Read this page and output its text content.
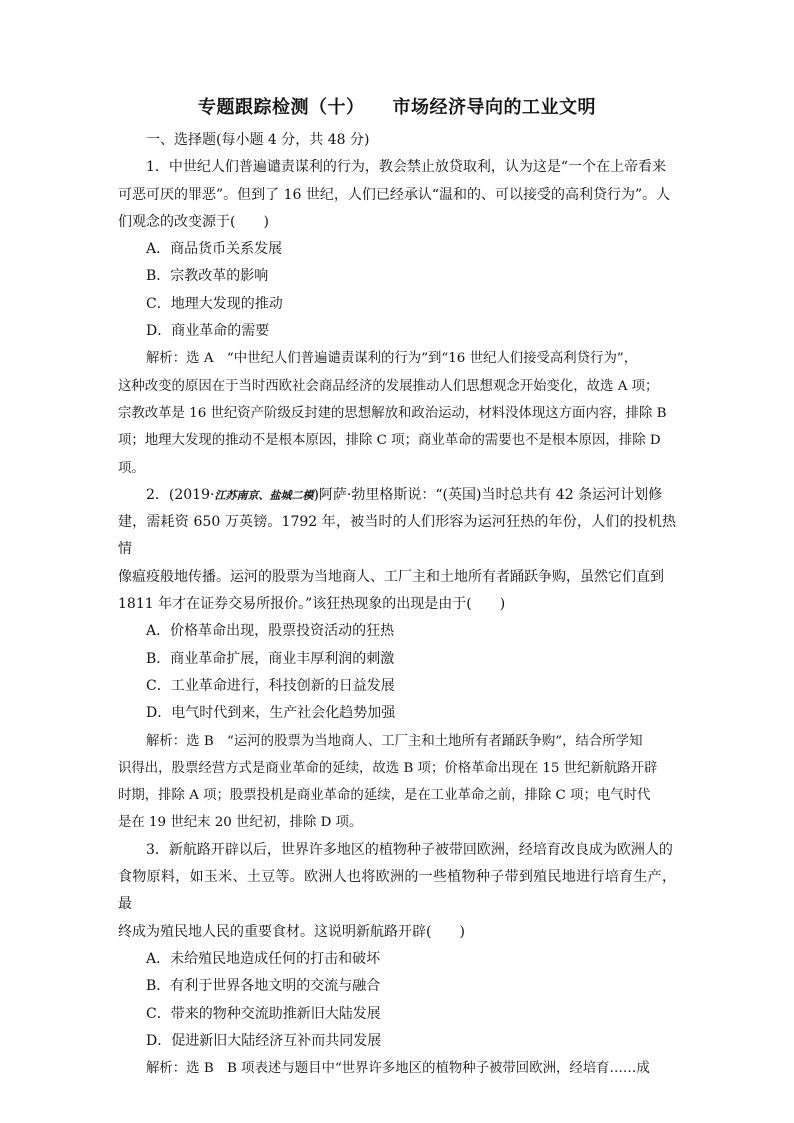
专题跟踪检测（十） 市场经济导向的工业文明
一、选择题(每小题 4 分，共 48 分)
1．中世纪人们普遍谴责谋利的行为，教会禁止放贷取利，认为这是“一个在上帝看来
可恶可厌的罪恶”。但到了 16 世纪，人们已经承认“温和的、可以接受的高利贷行为”。人
们观念的改变源于(　　)
A．商品货币关系发展
B．宗教改革的影响
C．地理大发现的推动
D．商业革命的需要
解析：选 A　“中世纪人们普遍谴责谋利的行为”到“16 世纪人们接受高利贷行为”，
这种改变的原因在于当时西欧社会商品经济的发展推动人们思想观念开始变化，故选 A 项；
宗教改革是 16 世纪资产阶级反封建的思想解放和政治运动，材料没体现这方面内容，排除 B
项；地理大发现的推动不是根本原因，排除 C 项；商业革命的需要也不是根本原因，排除 D
项。
2．(2019·江苏南京、盐城二模)阿萨·勃里格斯说：“(英国)当时总共有 42 条运河计划修
建，需耗资 650 万英镑。1792 年，被当时的人们形容为运河狂热的年份，人们的投机热情
像瘟疫般地传播。运河的股票为当地商人、工厂主和土地所有者踊跃争购，虽然它们直到
1811 年才在证券交易所报价。”该狂热现象的出现是由于(　　)
A．价格革命出现，股票投资活动的狂热
B．商业革命扩展，商业丰厚利润的刺激
C．工业革命进行，科技创新的日益发展
D．电气时代到来，生产社会化趋势加强
解析：选 B　“运河的股票为当地商人、工厂主和土地所有者踊跃争购”，结合所学知
识得出，股票经营方式是商业革命的延续，故选 B 项；价格革命出现在 15 世纪新航路开辟
时期，排除 A 项；股票投机是商业革命的延续，是在工业革命之前，排除 C 项；电气时代
是在 19 世纪末 20 世纪初，排除 D 项。
3．新航路开辟以后，世界许多地区的植物种子被带回欧洲，经培育改良成为欧洲人的
食物原料，如玉米、土豆等。欧洲人也将欧洲的一些植物种子带到殖民地进行培育生产，最
终成为殖民地人民的重要食材。这说明新航路开辟(　　)
A．未给殖民地造成任何的打击和破坏
B．有利于世界各地文明的交流与融合
C．带来的物种交流助推新旧大陆发展
D．促进新旧大陆经济互补而共同发展
解析：选 B　B 项表述与题目中“世界许多地区的植物种子被带回欧洲，经培育……成
